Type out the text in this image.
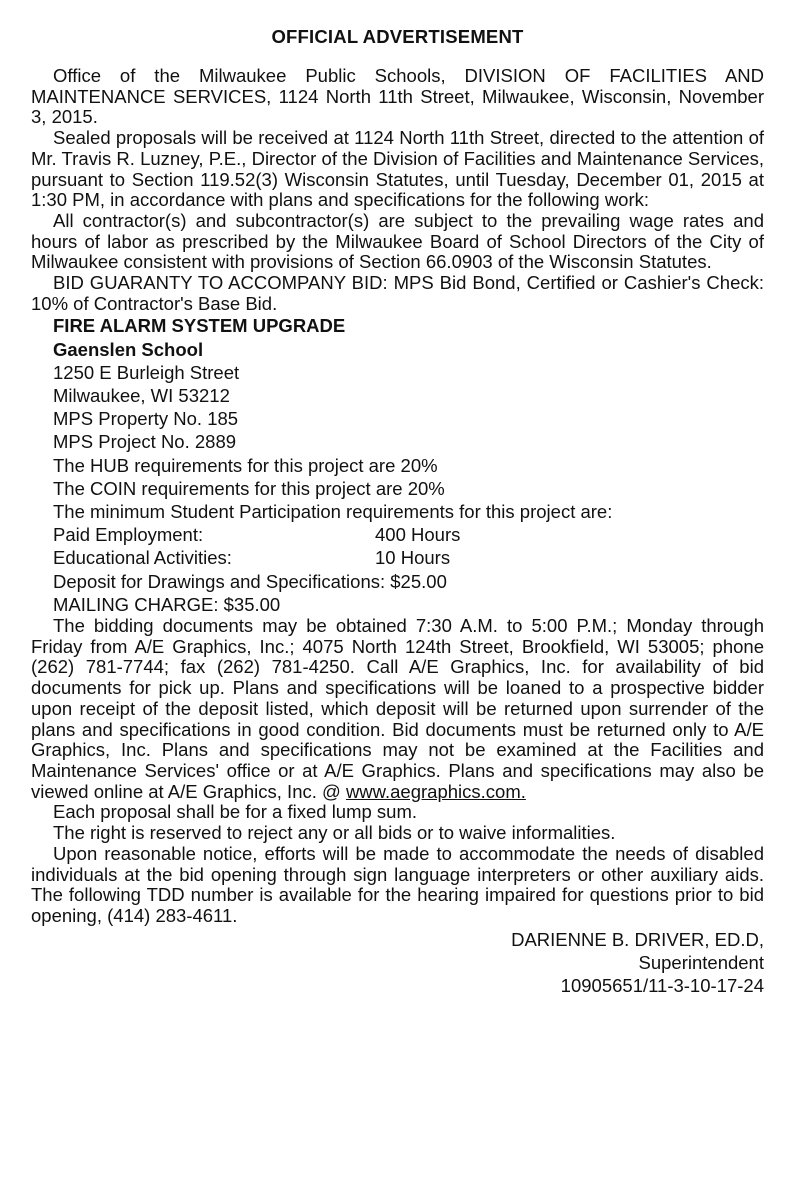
OFFICIAL ADVERTISEMENT

Office of the Milwaukee Public Schools, DIVISION OF FACILITIES AND MAINTENANCE SERVICES, 1124 North 11th Street, Milwaukee, Wisconsin, November 3, 2015.

Sealed proposals will be received at 1124 North 11th Street, directed to the attention of Mr. Travis R. Luzney, P.E., Director of the Division of Facilities and Maintenance Services, pursuant to Section 119.52(3) Wisconsin Statutes, until Tuesday, December 01, 2015 at 1:30 PM, in accordance with plans and specifications for the following work:

All contractor(s) and subcontractor(s) are subject to the prevailing wage rates and hours of labor as prescribed by the Milwaukee Board of School Directors of the City of Milwaukee consistent with provisions of Section 66.0903 of the Wisconsin Statutes.

BID GUARANTY TO ACCOMPANY BID: MPS Bid Bond, Certified or Cashier's Check: 10% of Contractor's Base Bid.

FIRE ALARM SYSTEM UPGRADE
Gaenslen School
1250 E Burleigh Street
Milwaukee, WI 53212
MPS Property No. 185
MPS Project No. 2889
The HUB requirements for this project are 20%
The COIN requirements for this project are 20%
The minimum Student Participation requirements for this project are:
Paid Employment:	400 Hours
Educational Activities:	10 Hours
Deposit for Drawings and Specifications: $25.00
MAILING CHARGE: $35.00

The bidding documents may be obtained 7:30 A.M. to 5:00 P.M.; Monday through Friday from A/E Graphics, Inc.; 4075 North 124th Street, Brookfield, WI 53005; phone (262) 781-7744; fax (262) 781-4250. Call A/E Graphics, Inc. for availability of bid documents for pick up. Plans and specifications will be loaned to a prospective bidder upon receipt of the deposit listed, which deposit will be returned upon surrender of the plans and specifications in good condition. Bid documents must be returned only to A/E Graphics, Inc. Plans and specifications may not be examined at the Facilities and Maintenance Services' office or at A/E Graphics. Plans and specifications may also be viewed online at A/E Graphics, Inc. @ www.aegraphics.com.

Each proposal shall be for a fixed lump sum.

The right is reserved to reject any or all bids or to waive informalities.

Upon reasonable notice, efforts will be made to accommodate the needs of disabled individuals at the bid opening through sign language interpreters or other auxiliary aids. The following TDD number is available for the hearing impaired for questions prior to bid opening, (414) 283-4611.

DARIENNE B. DRIVER, ED.D,
Superintendent
10905651/11-3-10-17-24
